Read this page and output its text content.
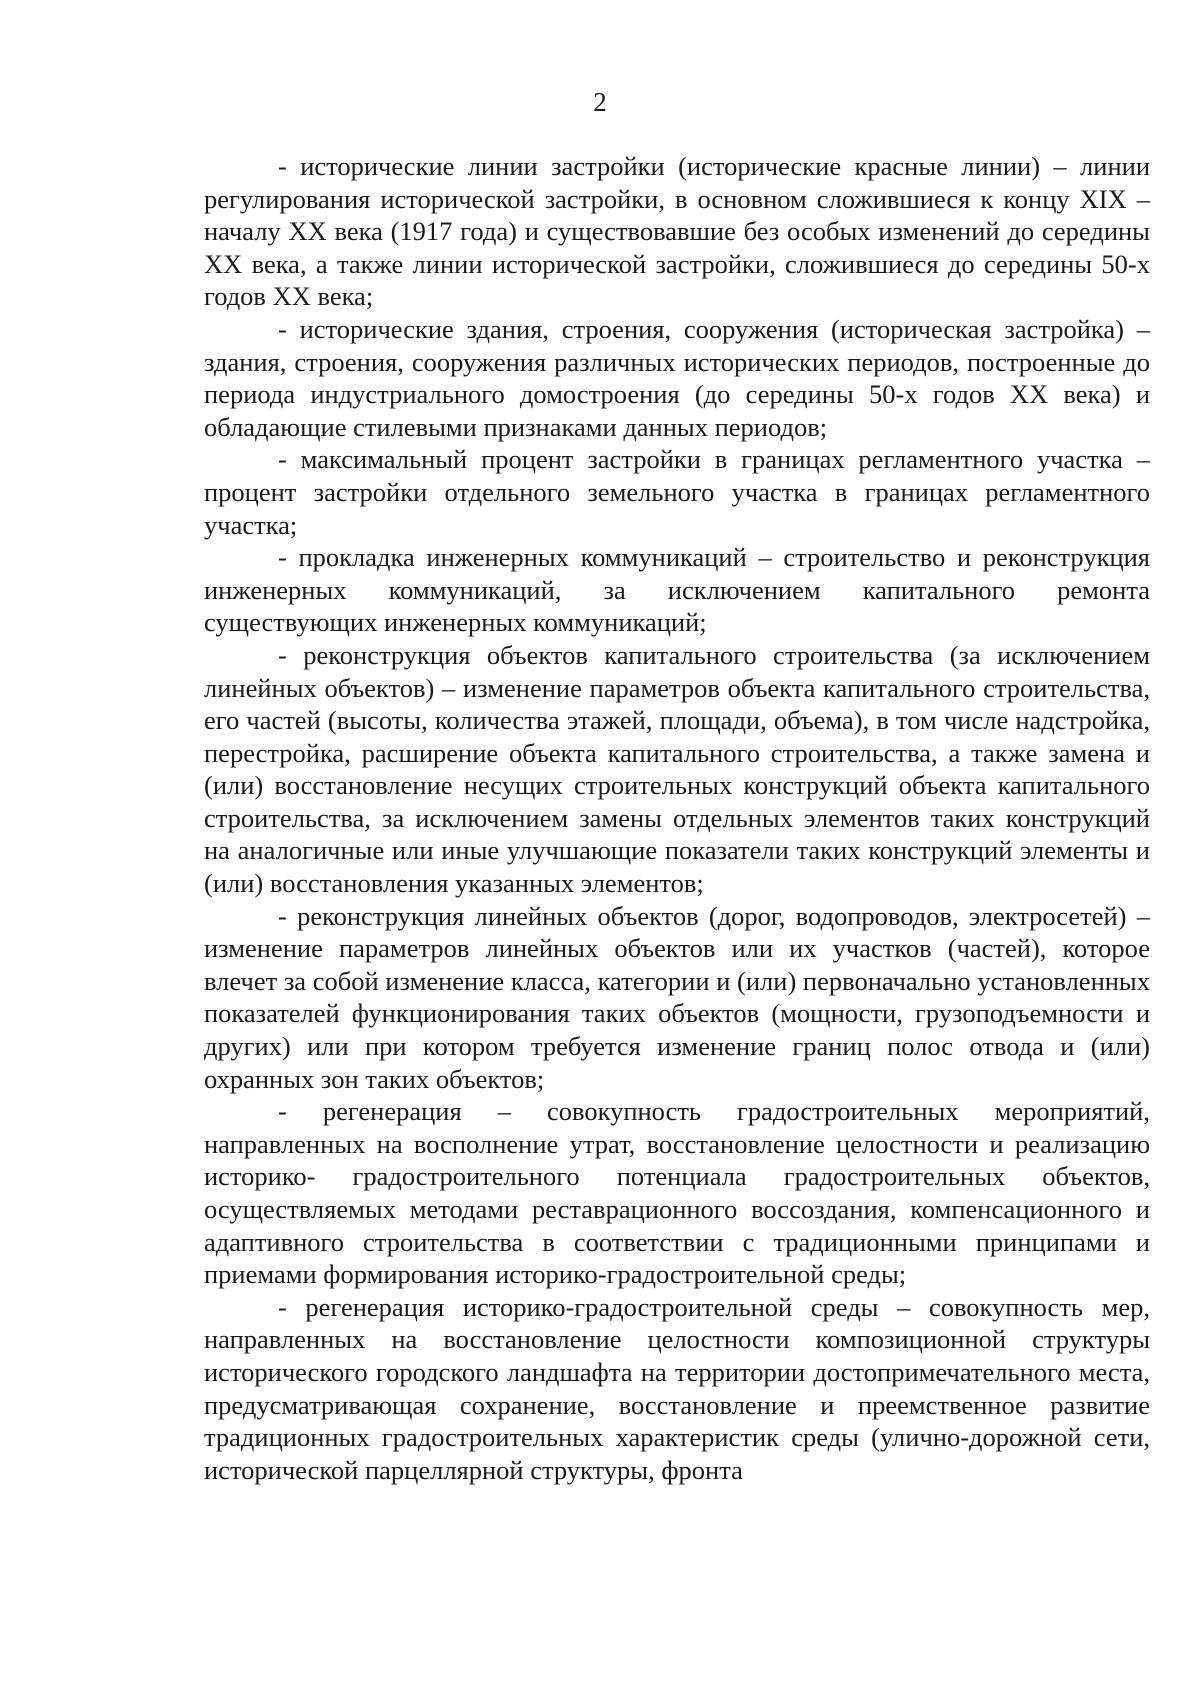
2

- исторические линии застройки (исторические красные линии) – линии регулирования исторической застройки, в основном сложившиеся к концу XIX – началу XX века (1917 года) и существовавшие без особых изменений до середины XX века, а также линии исторической застройки, сложившиеся до середины 50-х годов XX века;

- исторические здания, строения, сооружения (историческая застройка) – здания, строения, сооружения различных исторических периодов, построенные до периода индустриального домостроения (до середины 50-х годов XX века) и обладающие стилевыми признаками данных периодов;

- максимальный процент застройки в границах регламентного участка – процент застройки отдельного земельного участка в границах регламентного участка;

- прокладка инженерных коммуникаций – строительство и реконструкция инженерных коммуникаций, за исключением капитального ремонта существующих инженерных коммуникаций;

- реконструкция объектов капитального строительства (за исключением линейных объектов) – изменение параметров объекта капитального строительства, его частей (высоты, количества этажей, площади, объема), в том числе надстройка, перестройка, расширение объекта капитального строительства, а также замена и (или) восстановление несущих строительных конструкций объекта капитального строительства, за исключением замены отдельных элементов таких конструкций на аналогичные или иные улучшающие показатели таких конструкций элементы и (или) восстановления указанных элементов;

- реконструкция линейных объектов (дорог, водопроводов, электросетей) – изменение параметров линейных объектов или их участков (частей), которое влечет за собой изменение класса, категории и (или) первоначально установленных показателей функционирования таких объектов (мощности, грузоподъемности и других) или при котором требуется изменение границ полос отвода и (или) охранных зон таких объектов;

- регенерация – совокупность градостроительных мероприятий, направленных на восполнение утрат, восстановление целостности и реализацию историко- градостроительного потенциала градостроительных объектов, осуществляемых методами реставрационного воссоздания, компенсационного и адаптивного строительства в соответствии с традиционными принципами и приемами формирования историко-градостроительной среды;

- регенерация историко-градостроительной среды – совокупность мер, направленных на восстановление целостности композиционной структуры исторического городского ландшафта на территории достопримечательного места, предусматривающая сохранение, восстановление и преемственное развитие традиционных градостроительных характеристик среды (улично-дорожной сети, исторической парцеллярной структуры, фронта
